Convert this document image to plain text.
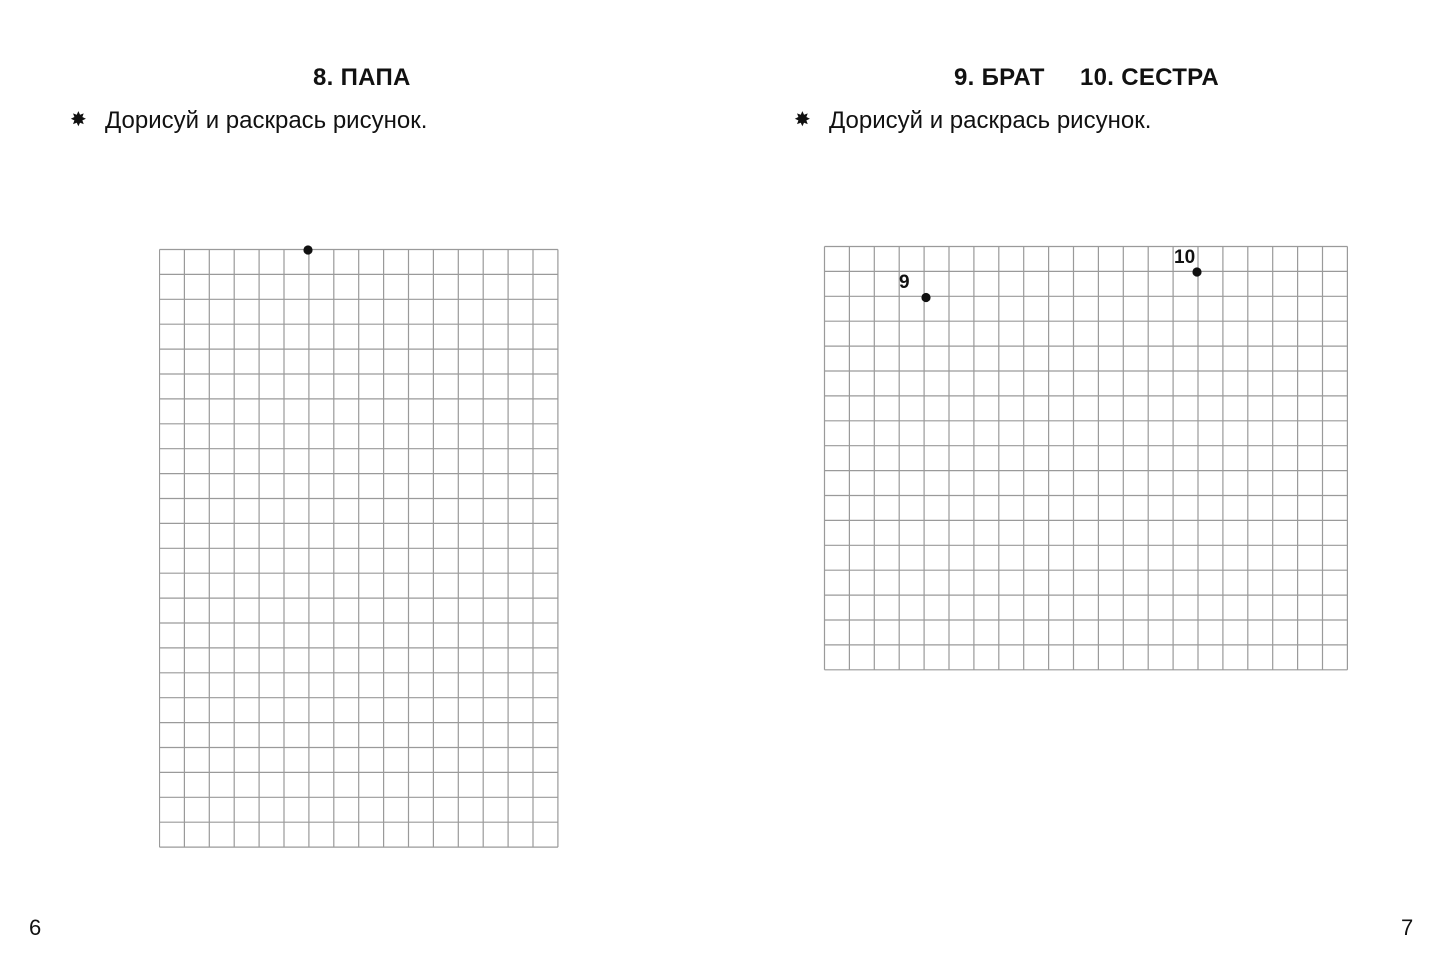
8. ПАПА
✸ Дорисуй и раскрась рисунок.
6
9. БРАТ 10. СЕСТРА
✸ Дорисуй и раскрась рисунок.
9
10
7
